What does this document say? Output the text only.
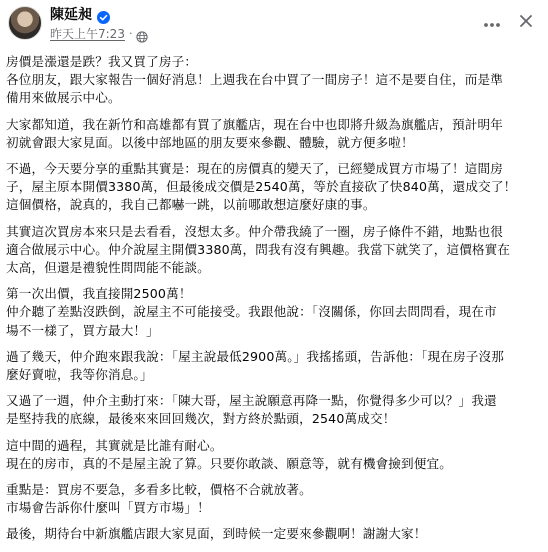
陳延昶
昨天上午7:23 ·

房價是漲還是跌？我又買了房子：
各位朋友，跟大家報告一個好消息！上週我在台中買了一間房子！這不是要自住，而是準
備用來做展示中心。

大家都知道，我在新竹和高雄都有買了旗艦店，現在台中也即將升級為旗艦店，預計明年
初就會跟大家見面。以後中部地區的朋友要來參觀、體驗，就方便多啦！

不過，今天要分享的重點其實是：現在的房價真的變天了，已經變成買方市場了！這間房
子，屋主原本開價3380萬，但最後成交價是2540萬，等於直接砍了快840萬，還成交了！
這個價格，說真的，我自己都嚇一跳，以前哪敢想這麼好康的事。

其實這次買房本來只是去看看，沒想太多。仲介帶我繞了一圈，房子條件不錯，地點也很
適合做展示中心。仲介說屋主開價3380萬，問我有沒有興趣。我當下就笑了，這價格實在
太高，但還是禮貌性問問能不能談。

第一次出價，我直接開2500萬！
仲介聽了差點沒跌倒，說屋主不可能接受。我跟他說：「沒關係，你回去問問看，現在市
場不一樣了，買方最大！」

過了幾天，仲介跑來跟我說：「屋主說最低2900萬。」我搖搖頭，告訴他：「現在房子沒那
麼好賣啦，我等你消息。」

又過了一週，仲介主動打來：「陳大哥，屋主說願意再降一點，你覺得多少可以？」我還
是堅持我的底線，最後來來回回幾次，對方終於點頭，2540萬成交！

這中間的過程，其實就是比誰有耐心。
現在的房市，真的不是屋主說了算。只要你敢談、願意等，就有機會撿到便宜。

重點是：買房不要急，多看多比較，價格不合就放著。
市場會告訴你什麼叫「買方市場」！

最後，期待台中新旗艦店跟大家見面，到時候一定要來參觀啊！謝謝大家！
